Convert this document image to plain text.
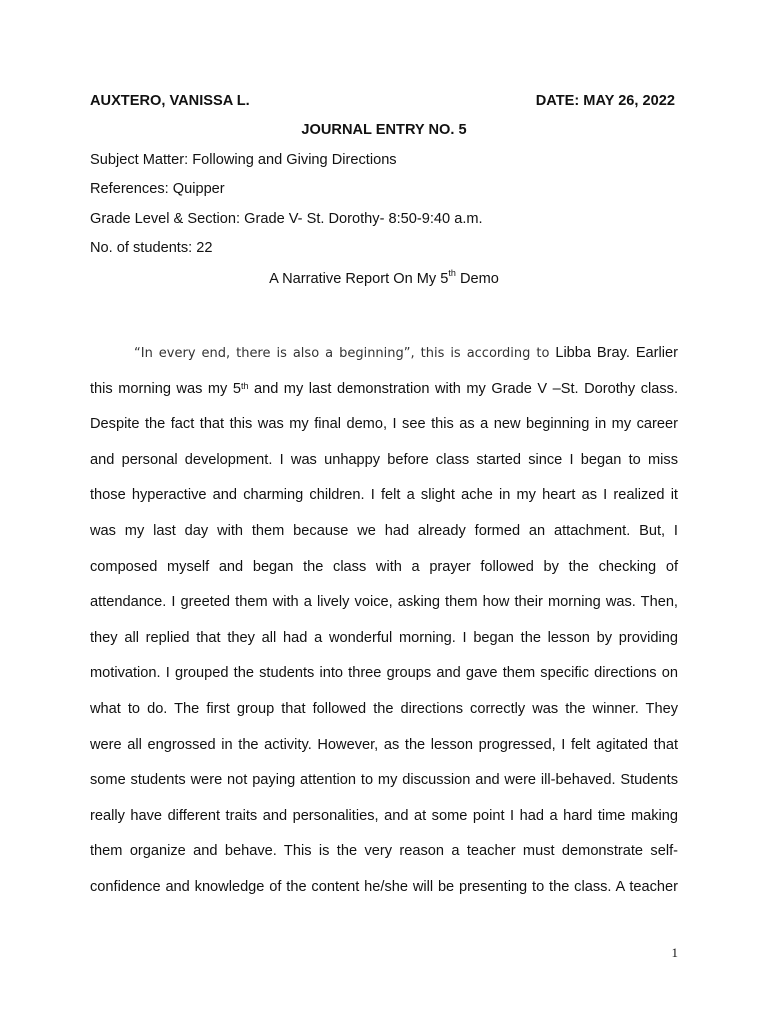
AUXTERO, VANISSA L.	DATE: MAY 26, 2022
JOURNAL ENTRY NO. 5
Subject Matter: Following and Giving Directions
References: Quipper
Grade Level & Section: Grade V- St. Dorothy- 8:50-9:40 a.m.
No. of students: 22
A Narrative Report On My 5th Demo
“In every end, there is also a beginning”, this is according to Libba Bray. Earlier
this morning was my 5th and my last demonstration with my Grade V –St. Dorothy class.
Despite the fact that this was my final demo, I see this as a new beginning in my career
and personal development. I was unhappy before class started since I began to miss
those hyperactive and charming children. I felt a slight ache in my heart as I realized it
was my last day with them because we had already formed an attachment. But, I
composed myself and began the class with a prayer followed by the checking of
attendance. I greeted them with a lively voice, asking them how their morning was. Then,
they all replied that they all had a wonderful morning. I began the lesson by providing
motivation. I grouped the students into three groups and gave them specific directions on
what to do. The first group that followed the directions correctly was the winner. They
were all engrossed in the activity. However, as the lesson progressed, I felt agitated that
some students were not paying attention to my discussion and were ill-behaved. Students
really have different traits and personalities, and at some point I had a hard time making
them organize and behave. This is the very reason a teacher must demonstrate self-
confidence and knowledge of the content he/she will be presenting to the class. A teacher
1
